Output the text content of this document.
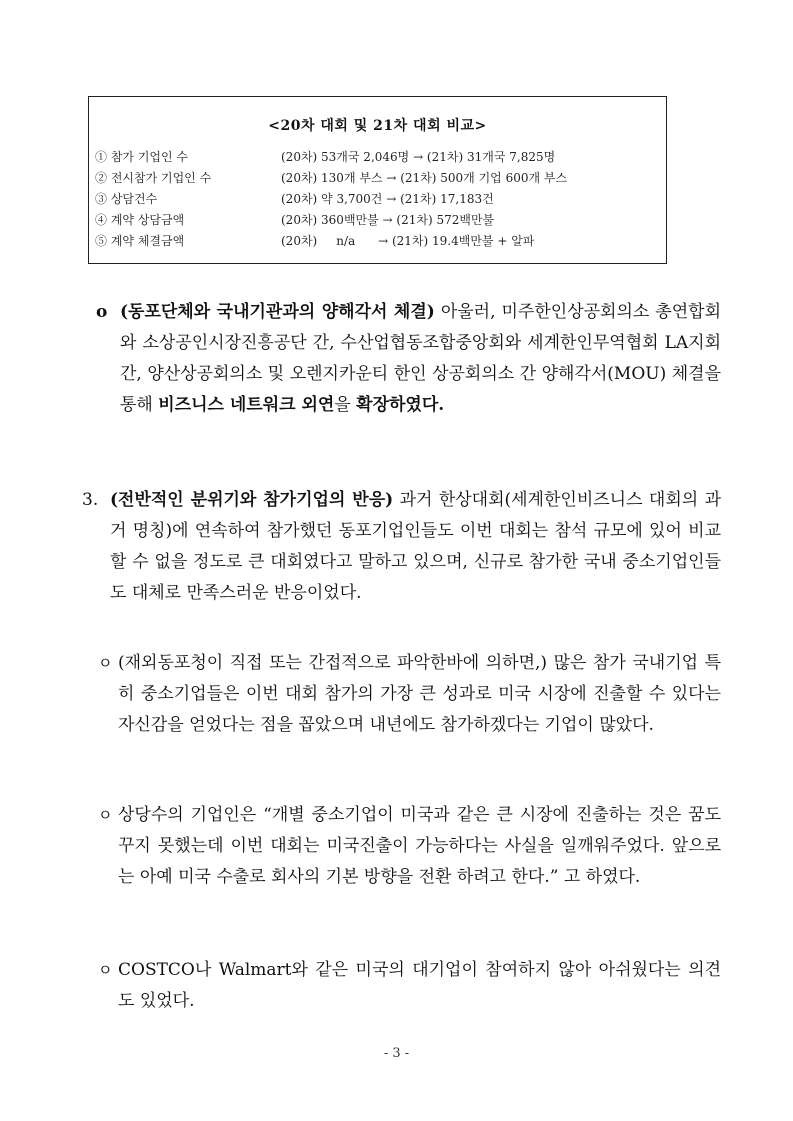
<20차 대회 및 21차 대회 비교>
① 참가 기업인 수	(20차) 53개국 2,046명 → (21차) 31개국 7,825명
② 전시참가 기업인 수	(20차) 130개 부스 → (21차) 500개 기업 600개 부스
③ 상담건수	(20차) 약 3,700건 → (21차) 17,183건
④ 계약 상담금액	(20차) 360백만불 → (21차) 572백만불
⑤ 계약 체결금액	(20차)     n/a      → (21차) 19.4백만불 + 알파
o (동포단체와 국내기관과의 양해각서 체결) 아울러, 미주한인상공회의소 총연합회와 소상공인시장진흥공단 간, 수산업협동조합중앙회와 세계한인무역협회 LA지회 간, 양산상공회의소 및 오렌지카운티 한인 상공회의소 간 양해각서(MOU) 체결을 통해 비즈니스 네트워크 외연을 확장하였다.
3. (전반적인 분위기와 참가기업의 반응) 과거 한상대회(세계한인비즈니스 대회의 과거 명칭)에 연속하여 참가했던 동포기업인들도 이번 대회는 참석 규모에 있어 비교할 수 없을 정도로 큰 대회였다고 말하고 있으며, 신규로 참가한 국내 중소기업인들도 대체로 만족스러운 반응이었다.
ㅇ (재외동포청이 직접 또는 간접적으로 파악한바에 의하면,) 많은 참가 국내기업 특히 중소기업들은 이번 대회 참가의 가장 큰 성과로 미국 시장에 진출할 수 있다는 자신감을 얻었다는 점을 꼽았으며 내년에도 참가하겠다는 기업이 많았다.
ㅇ 상당수의 기업인은 “개별 중소기업이 미국과 같은 큰 시장에 진출하는 것은 꿈도 꾸지 못했는데 이번 대회는 미국진출이 가능하다는 사실을 일깨워주었다. 앞으로는 아예 미국 수출로 회사의 기본 방향을 전환 하려고 한다.” 고 하였다.
ㅇ COSTCO나 Walmart와 같은 미국의 대기업이 참여하지 않아 아쉬웠다는 의견도 있었다.
- 3 -
